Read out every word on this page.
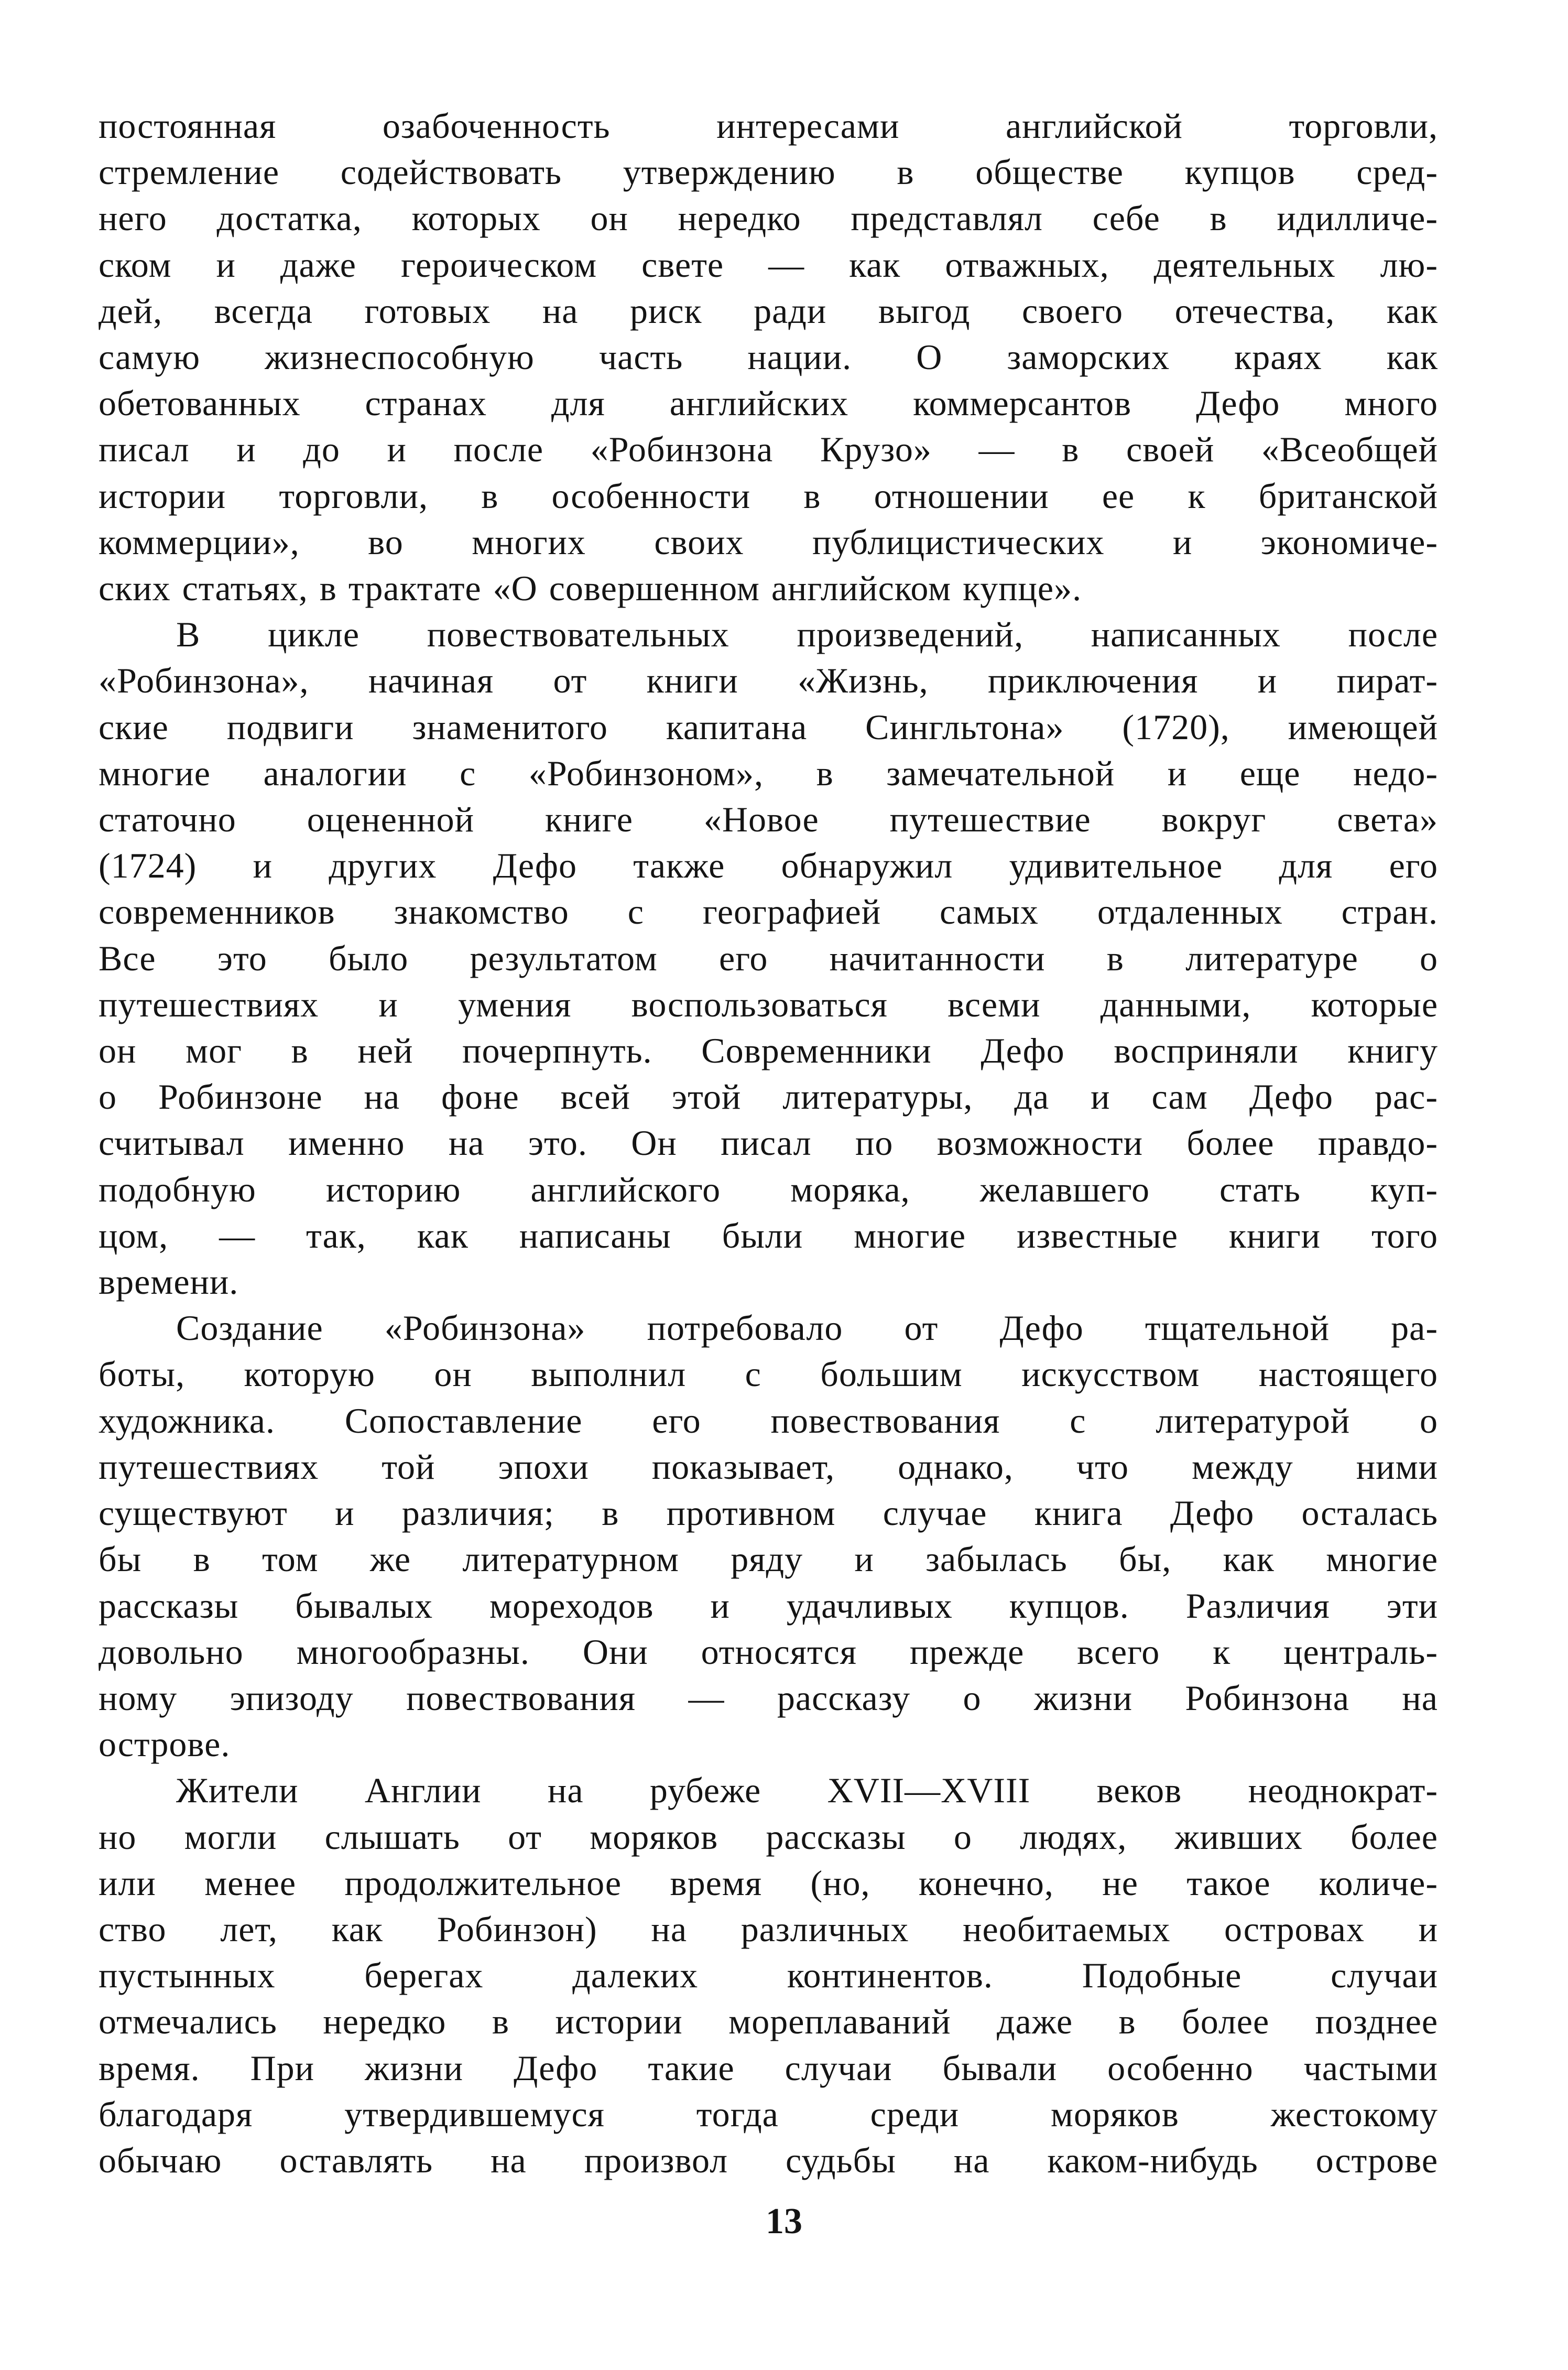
постоянная озабоченность интересами английской торговли,

стремление содействовать утверждению в обществе купцов сред-

него достатка, которых он нередко представлял себе в идилличе-

ском и даже героическом свете — как отважных, деятельных лю-

дей, всегда готовых на риск ради выгод своего отечества, как

самую жизнеспособную часть нации. О заморских краях как

обетованных странах для английских коммерсантов Дефо много

писал и до и после «Робинзона Крузо» — в своей «Всеобщей

истории торговли, в особенности в отношении ее к британской

коммерции», во многих своих публицистических и экономиче-

ских статьях, в трактате «О совершенном английском купце».

В цикле повествовательных произведений, написанных после

«Робинзона», начиная от книги «Жизнь, приключения и пират-

ские подвиги знаменитого капитана Сингльтона» (1720), имеющей

многие аналогии с «Робинзоном», в замечательной и еще недо-

статочно оцененной книге «Новое путешествие вокруг света»

(1724) и других Дефо также обнаружил удивительное для его

современников знакомство с географией самых отдаленных стран.

Все это было результатом его начитанности в литературе о

путешествиях и умения воспользоваться всеми данными, которые

он мог в ней почерпнуть. Современники Дефо восприняли книгу

о Робинзоне на фоне всей этой литературы, да и сам Дефо рас-

считывал именно на это. Он писал по возможности более правдо-

подобную историю английского моряка, желавшего стать куп-

цом, — так, как написаны были многие известные книги того

времени.

Создание «Робинзона» потребовало от Дефо тщательной ра-

боты, которую он выполнил с большим искусством настоящего

художника. Сопоставление его повествования с литературой о

путешествиях той эпохи показывает, однако, что между ними

существуют и различия; в противном случае книга Дефо осталась

бы в том же литературном ряду и забылась бы, как многие

рассказы бывалых мореходов и удачливых купцов. Различия эти

довольно многообразны. Они относятся прежде всего к централь-

ному эпизоду повествования — рассказу о жизни Робинзона на

острове.

Жители Англии на рубеже XVII—XVIII веков неоднократ-

но могли слышать от моряков рассказы о людях, живших более

или менее продолжительное время (но, конечно, не такое количе-

ство лет, как Робинзон) на различных необитаемых островах и

пустынных берегах далеких континентов. Подобные случаи

отмечались нередко в истории мореплаваний даже в более позднее

время. При жизни Дефо такие случаи бывали особенно частыми

благодаря утвердившемуся тогда среди моряков жестокому

обычаю оставлять на произвол судьбы на каком-нибудь острове

13
